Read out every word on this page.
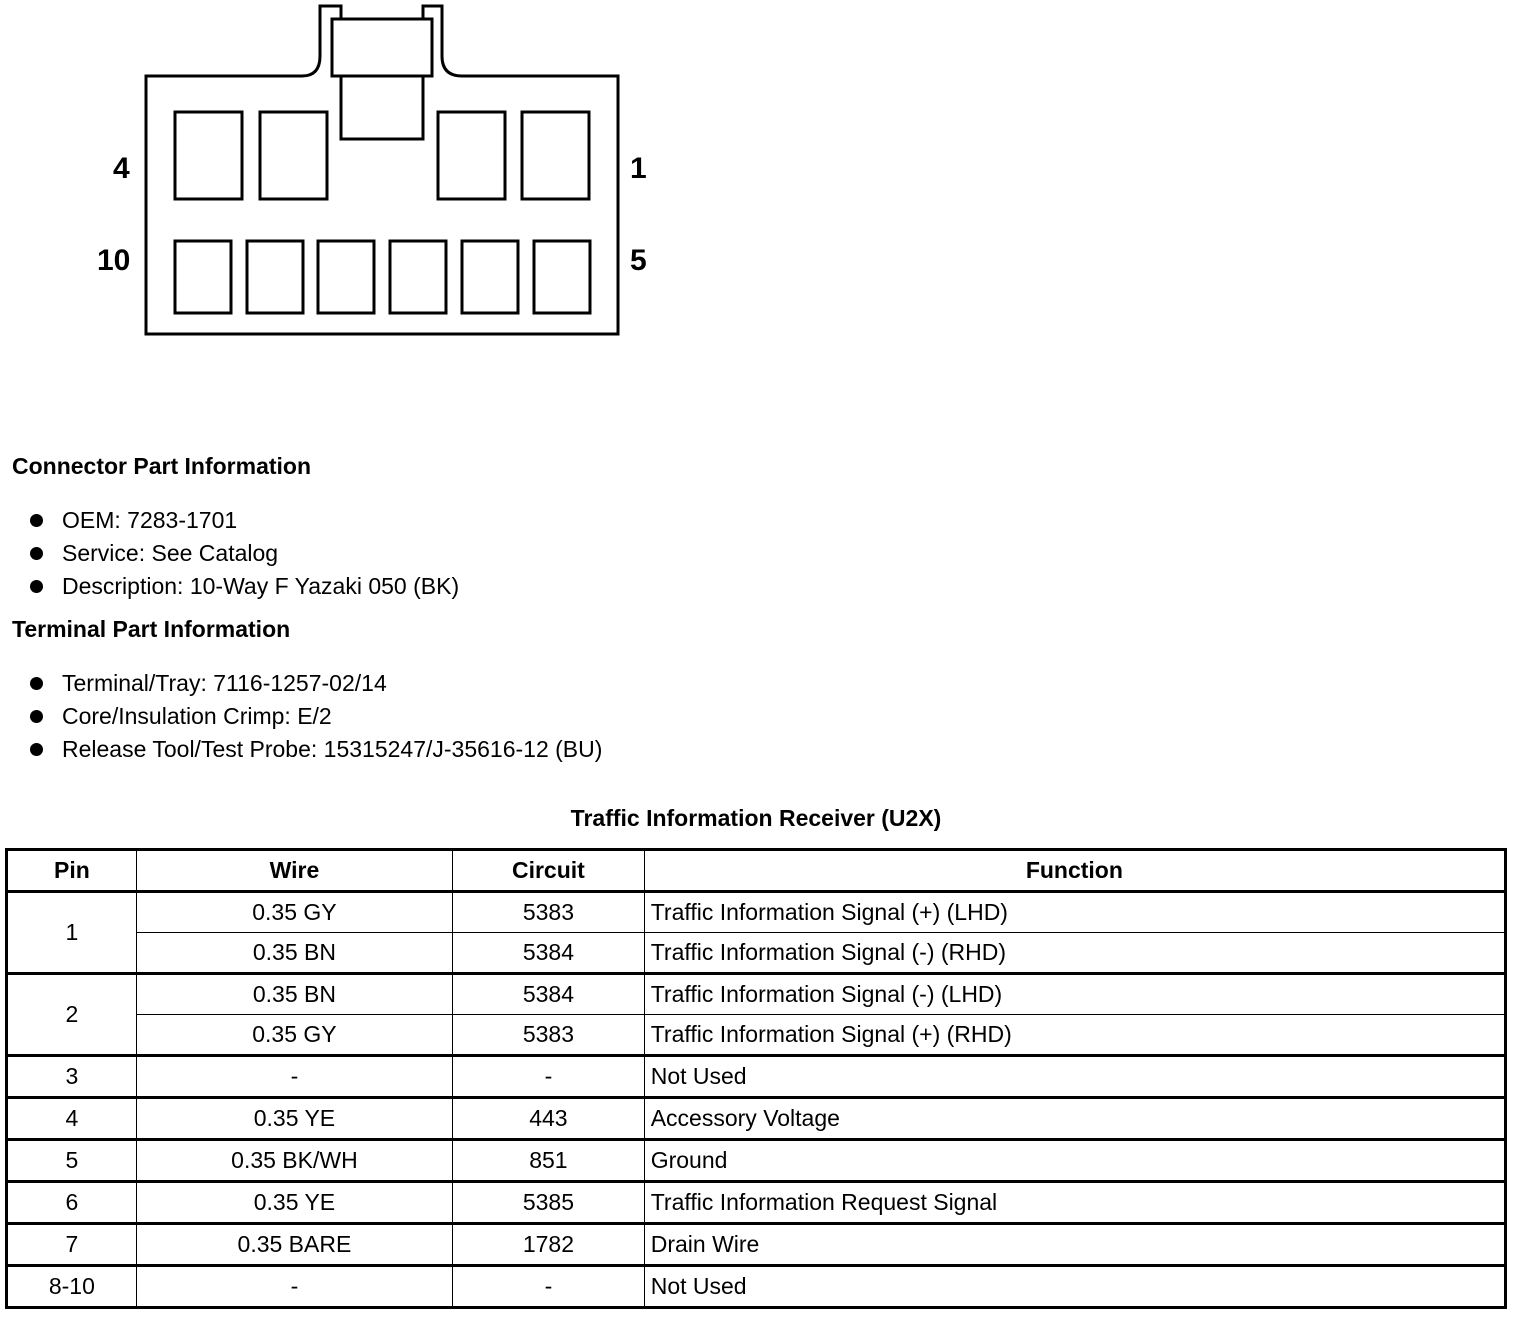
4	1
10	5
Connector Part Information
OEM: 7283-1701
Service: See Catalog
Description: 10-Way F Yazaki 050 (BK)
Terminal Part Information
Terminal/Tray: 7116-1257-02/14
Core/Insulation Crimp: E/2
Release Tool/Test Probe: 15315247/J-35616-12 (BU)
Traffic Information Receiver (U2X)
Pin	Wire	Circuit	Function
1	0.35 GY	5383	Traffic Information Signal (+) (LHD)
	0.35 BN	5384	Traffic Information Signal (-) (RHD)
2	0.35 BN	5384	Traffic Information Signal (-) (LHD)
	0.35 GY	5383	Traffic Information Signal (+) (RHD)
3	-	-	Not Used
4	0.35 YE	443	Accessory Voltage
5	0.35 BK/WH	851	Ground
6	0.35 YE	5385	Traffic Information Request Signal
7	0.35 BARE	1782	Drain Wire
8-10	-	-	Not Used
